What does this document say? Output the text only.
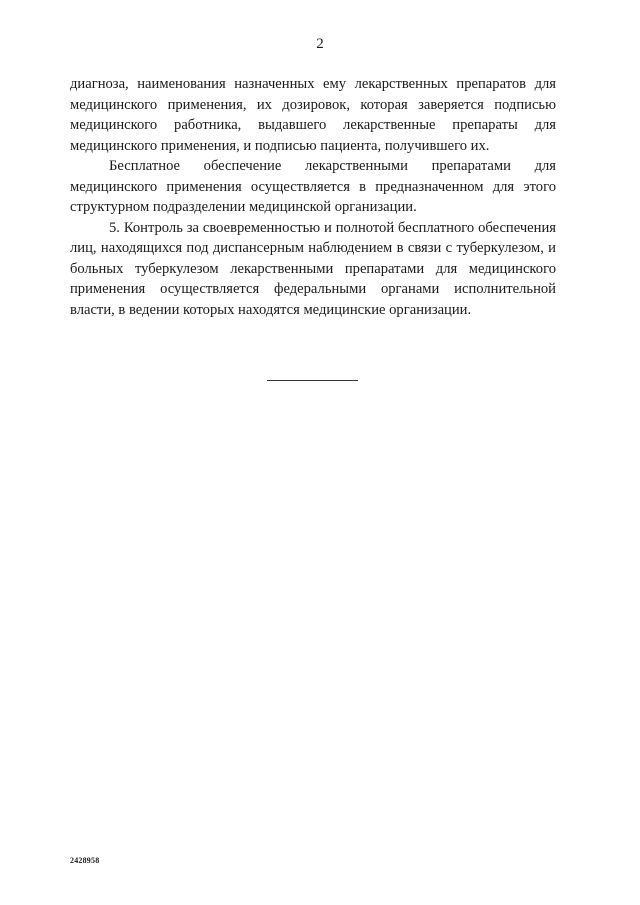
2

диагноза, наименования назначенных ему лекарственных препаратов для медицинского применения, их дозировок, которая заверяется подписью медицинского работника, выдавшего лекарственные препараты для медицинского применения, и подписью пациента, получившего их.

Бесплатное обеспечение лекарственными препаратами для медицинского применения осуществляется в предназначенном для этого структурном подразделении медицинской организации.

5. Контроль за своевременностью и полнотой бесплатного обеспечения лиц, находящихся под диспансерным наблюдением в связи с туберкулезом, и больных туберкулезом лекарственными препаратами для медицинского применения осуществляется федеральными органами исполнительной власти, в ведении которых находятся медицинские организации.

2428958
